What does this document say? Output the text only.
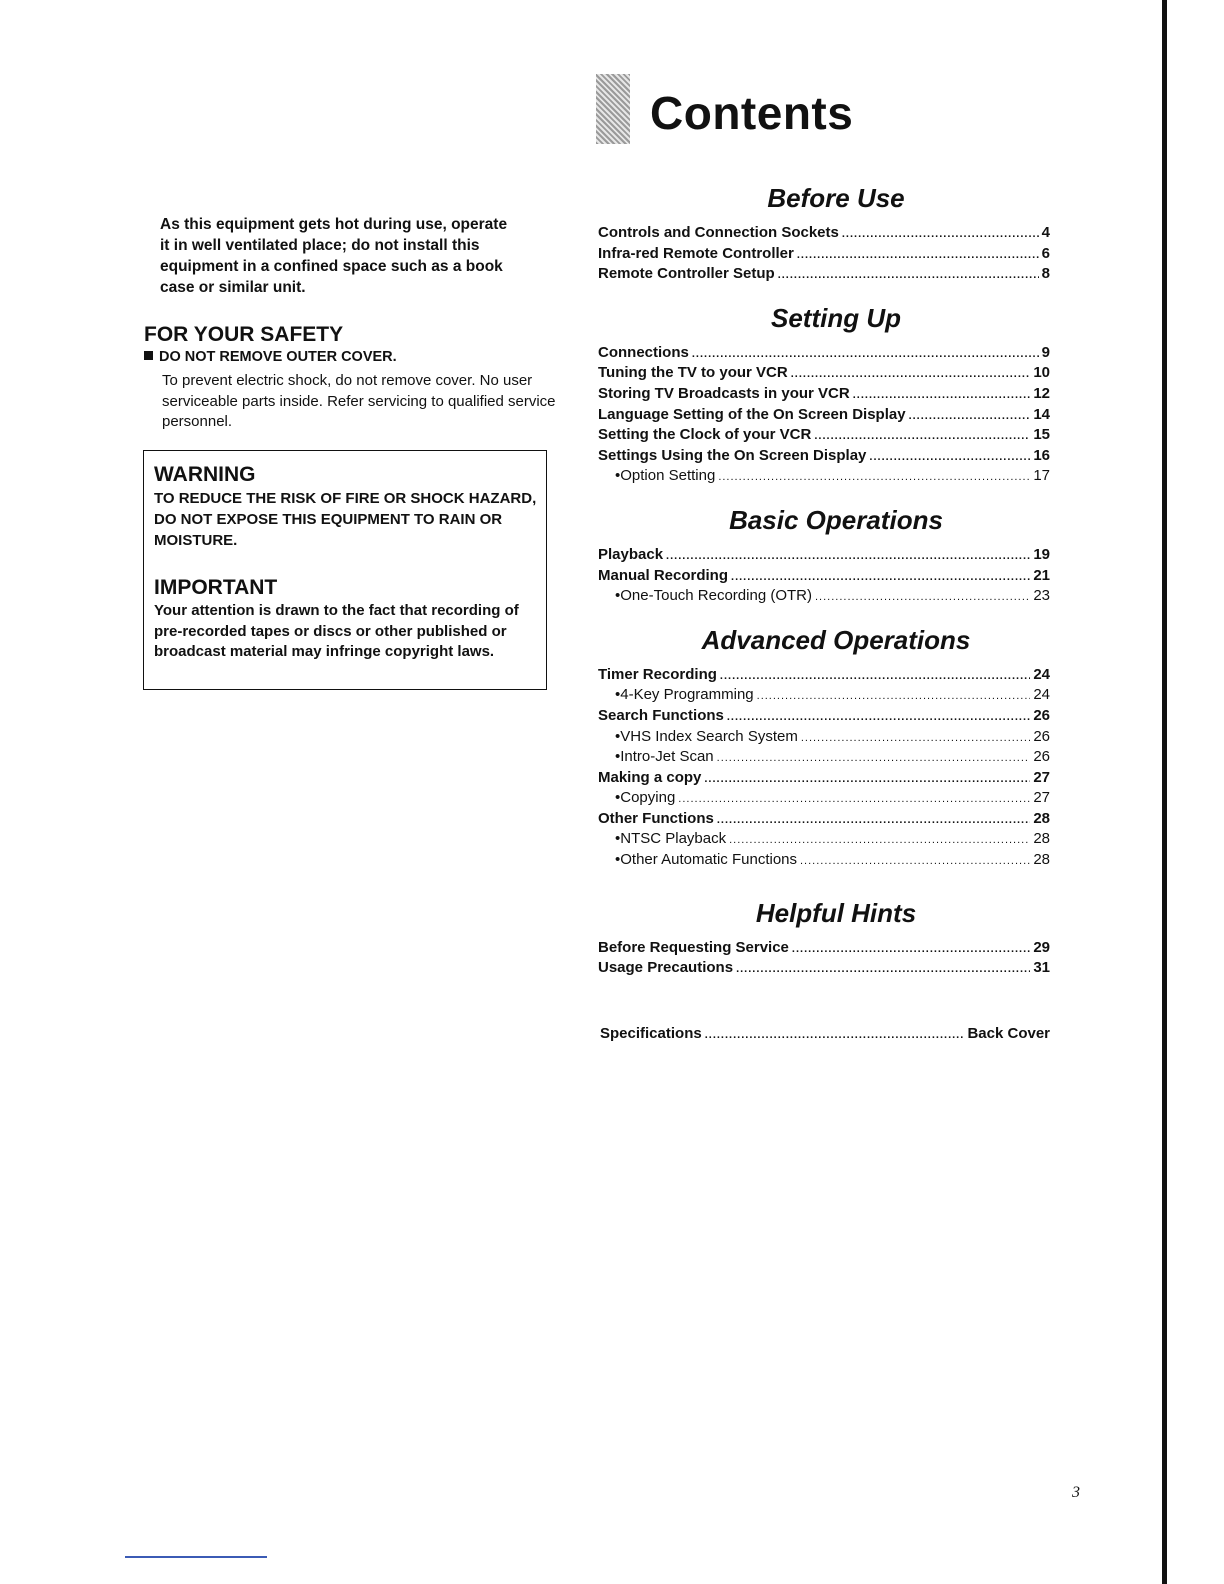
Contents
As this equipment gets hot during use, operate it in well ventilated place; do not install this equipment in a confined space such as a book case or similar unit.
FOR YOUR SAFETY
DO NOT REMOVE OUTER COVER.
To prevent electric shock, do not remove cover. No user serviceable parts inside. Refer servicing to qualified service personnel.
WARNING
TO REDUCE THE RISK OF FIRE OR SHOCK HAZARD, DO NOT EXPOSE THIS EQUIPMENT TO RAIN OR MOISTURE.
IMPORTANT
Your attention is drawn to the fact that recording of pre-recorded tapes or discs or other published or broadcast material may infringe copyright laws.
Before Use
Controls and Connection Sockets .....	4
Infra-red Remote Controller .....	6
Remote Controller Setup .....	8
Setting Up
Connections .....	9
Tuning the TV to your VCR .....	10
Storing TV Broadcasts in your VCR .....	12
Language Setting of the On Screen Display .....	14
Setting the Clock of your VCR .....	15
Settings Using the On Screen Display .....	16
•Option Setting .....	17
Basic Operations
Playback .....	19
Manual Recording .....	21
•One-Touch Recording (OTR) .....	23
Advanced Operations
Timer Recording .....	24
•4-Key Programming .....	24
Search Functions .....	26
•VHS Index Search System .....	26
•Intro-Jet Scan .....	26
Making a copy .....	27
•Copying .....	27
Other Functions .....	28
•NTSC Playback .....	28
•Other Automatic Functions .....	28
Helpful Hints
Before Requesting Service .....	29
Usage Precautions .....	31
Specifications .....	Back Cover
3
